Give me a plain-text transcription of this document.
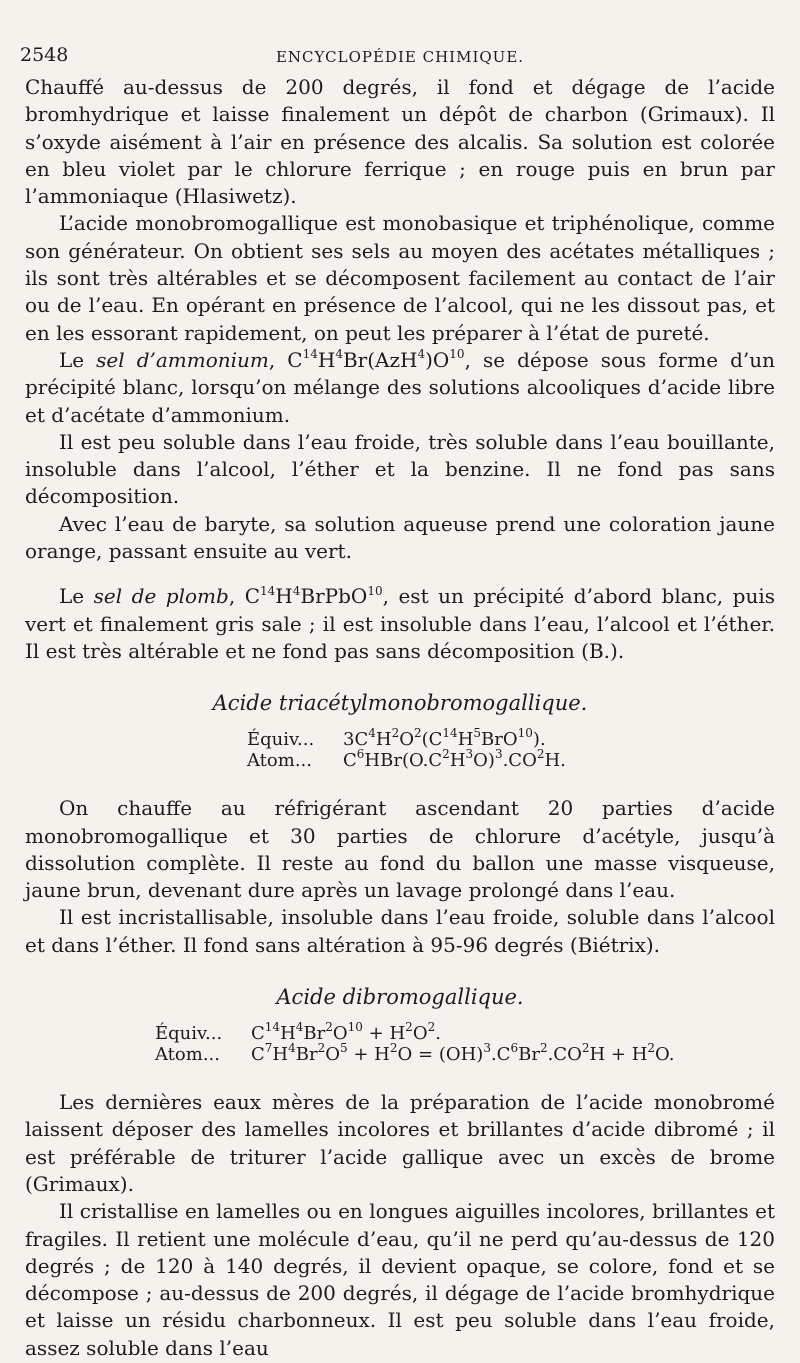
2548	ENCYCLOPÉDIE CHIMIQUE.

Chauffé au-dessus de 200 degrés, il fond et dégage de l’acide bromhydrique et laisse finalement un dépôt de charbon (Grimaux). Il s’oxyde aisément à l’air en présence des alcalis. Sa solution est colorée en bleu violet par le chlorure ferrique ; en rouge puis en brun par l’ammoniaque (Hlasiwetz).

L’acide monobromogallique est monobasique et triphénolique, comme son générateur. On obtient ses sels au moyen des acétates métalliques ; ils sont très altérables et se décomposent facilement au contact de l’air ou de l’eau. En opérant en présence de l’alcool, qui ne les dissout pas, et en les essorant rapidement, on peut les préparer à l’état de pureté.

Le sel d’ammonium, $C^{14}H^4Br(AzH^4)O^{10}$, se dépose sous forme d’un précipité blanc, lorsqu’on mélange des solutions alcooliques d’acide libre et d’acétate d’ammonium.

Il est peu soluble dans l’eau froide, très soluble dans l’eau bouillante, insoluble dans l’alcool, l’éther et la benzine. Il ne fond pas sans décomposition.

Avec l’eau de baryte, sa solution aqueuse prend une coloration jaune orange, passant ensuite au vert.

Le sel de plomb, $C^{14}H^4BrPbO^{10}$, est un précipité d’abord blanc, puis vert et finalement gris sale ; il est insoluble dans l’eau, l’alcool et l’éther. Il est très altérable et ne fond pas sans décomposition (B.).

Acide triacétylmonobromogallique.
Équiv...	$3C^4H^2O^2(C^{14}H^5BrO^{10})$.
Atom...	$C^6HBr(O.C^2H^3O)^3.CO^2H$.

On chauffe au réfrigérant ascendant 20 parties d’acide monobromogallique et 30 parties de chlorure d’acétyle, jusqu’à dissolution complète. Il reste au fond du ballon une masse visqueuse, jaune brun, devenant dure après un lavage prolongé dans l’eau.

Il est incristallisable, insoluble dans l’eau froide, soluble dans l’alcool et dans l’éther. Il fond sans altération à 95-96 degrés (Biétrix).

Acide dibromogallique.
Équiv...	$C^{14}H^4Br^2O^{10} + H^2O^2$.
Atom...	$C^7H^4Br^2O^5 + H^2O = (OH)^3.C^6Br^2.CO^2H + H^2O$.

Les dernières eaux mères de la préparation de l’acide monobromé laissent déposer des lamelles incolores et brillantes d’acide dibromé ; il est préférable de triturer l’acide gallique avec un excès de brome (Grimaux).

Il cristallise en lamelles ou en longues aiguilles incolores, brillantes et fragiles. Il retient une molécule d’eau, qu’il ne perd qu’au-dessus de 120 degrés ; de 120 à 140 degrés, il devient opaque, se colore, fond et se décompose ; au-dessus de 200 degrés, il dégage de l’acide bromhydrique et laisse un résidu charbonneux. Il est peu soluble dans l’eau froide, assez soluble dans l’eau
